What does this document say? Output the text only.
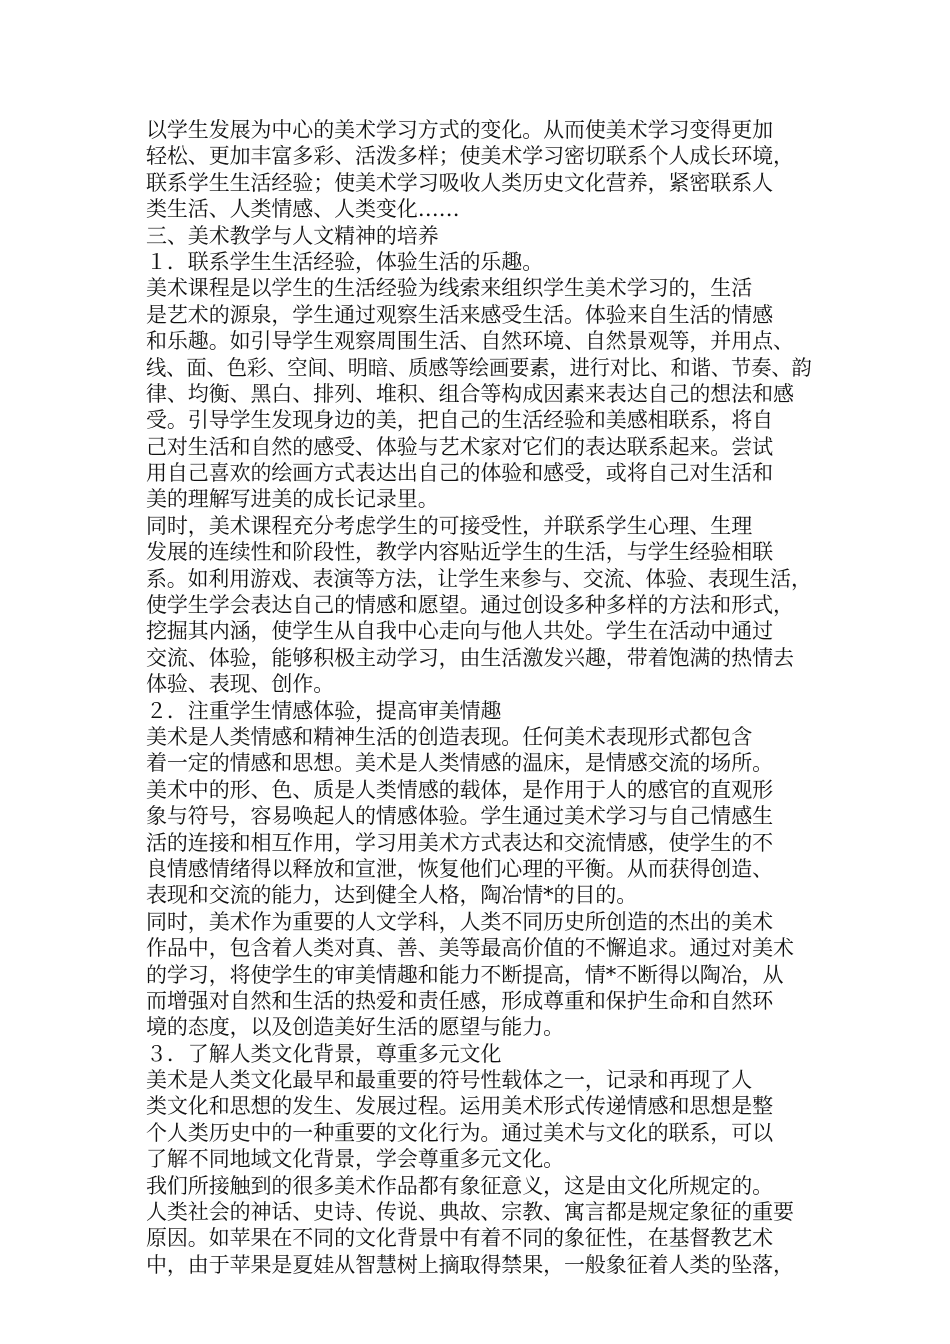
以学生发展为中心的美术学习方式的变化。从而使美术学习变得更加
轻松、更加丰富多彩、活泼多样；使美术学习密切联系个人成长环境，
联系学生生活经验；使美术学习吸收人类历史文化营养，紧密联系人
类生活、人类情感、人类变化……
三、美术教学与人文精神的培养
１．联系学生生活经验，体验生活的乐趣。
美术课程是以学生的生活经验为线索来组织学生美术学习的，生活
是艺术的源泉，学生通过观察生活来感受生活。体验来自生活的情感
和乐趣。如引导学生观察周围生活、自然环境、自然景观等，并用点、
线、面、色彩、空间、明暗、质感等绘画要素，进行对比、和谐、节奏、韵
律、均衡、黑白、排列、堆积、组合等构成因素来表达自己的想法和感
受。引导学生发现身边的美，把自己的生活经验和美感相联系，将自
己对生活和自然的感受、体验与艺术家对它们的表达联系起来。尝试
用自己喜欢的绘画方式表达出自己的体验和感受，或将自己对生活和
美的理解写进美的成长记录里。
同时，美术课程充分考虑学生的可接受性，并联系学生心理、生理
发展的连续性和阶段性，教学内容贴近学生的生活，与学生经验相联
系。如利用游戏、表演等方法，让学生来参与、交流、体验、表现生活，
使学生学会表达自己的情感和愿望。通过创设多种多样的方法和形式，
挖掘其内涵，使学生从自我中心走向与他人共处。学生在活动中通过
交流、体验，能够积极主动学习，由生活激发兴趣，带着饱满的热情去
体验、表现、创作。
２．注重学生情感体验，提高审美情趣
美术是人类情感和精神生活的创造表现。任何美术表现形式都包含
着一定的情感和思想。美术是人类情感的温床，是情感交流的场所。
美术中的形、色、质是人类情感的载体，是作用于人的感官的直观形
象与符号，容易唤起人的情感体验。学生通过美术学习与自己情感生
活的连接和相互作用，学习用美术方式表达和交流情感，使学生的不
良情感情绪得以释放和宣泄，恢复他们心理的平衡。从而获得创造、
表现和交流的能力，达到健全人格，陶冶情*的目的。
同时，美术作为重要的人文学科，人类不同历史所创造的杰出的美术
作品中，包含着人类对真、善、美等最高价值的不懈追求。通过对美术
的学习，将使学生的审美情趣和能力不断提高，情*不断得以陶冶，从
而增强对自然和生活的热爱和责任感，形成尊重和保护生命和自然环
境的态度，以及创造美好生活的愿望与能力。
３．了解人类文化背景，尊重多元文化
美术是人类文化最早和最重要的符号性载体之一，记录和再现了人
类文化和思想的发生、发展过程。运用美术形式传递情感和思想是整
个人类历史中的一种重要的文化行为。通过美术与文化的联系，可以
了解不同地域文化背景，学会尊重多元文化。
我们所接触到的很多美术作品都有象征意义，这是由文化所规定的。
人类社会的神话、史诗、传说、典故、宗教、寓言都是规定象征的重要
原因。如苹果在不同的文化背景中有着不同的象征性，在基督教艺术
中，由于苹果是夏娃从智慧树上摘取得禁果，一般象征着人类的坠落，
